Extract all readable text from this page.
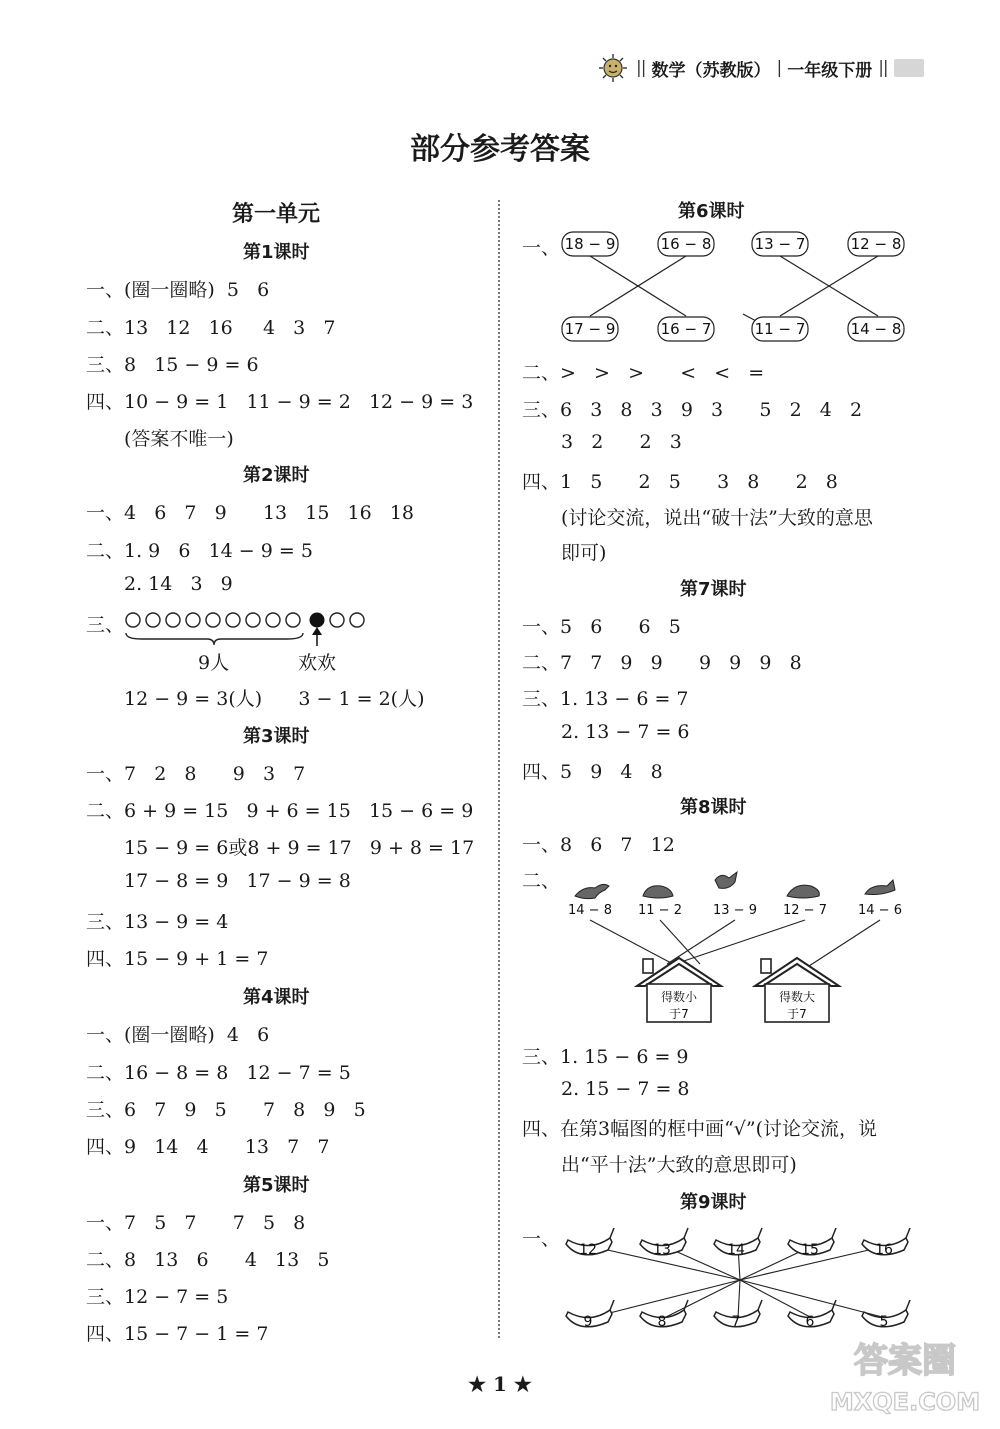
|| 数学（苏教版） | 一年级下册 ||
部分参考答案
第一单元
第1课时
一、(圈一圈略)  5   6
二、13   12   16     4   3   7
三、8   15 − 9 = 6
四、10 − 9 = 1   11 − 9 = 2   12 − 9 = 3
(答案不唯一)
第2课时
一、4   6   7   9      13   15   16   18
二、1. 9   6   14 − 9 = 5
2. 14   3   9
三、
9人	欢欢
12 − 9 = 3(人)      3 − 1 = 2(人)
第3课时
一、7   2   8      9   3   7
二、6 + 9 = 15   9 + 6 = 15   15 − 6 = 9
15 − 9 = 6或8 + 9 = 17   9 + 8 = 17
17 − 8 = 9   17 − 9 = 8
三、13 − 9 = 4
四、15 − 9 + 1 = 7
第4课时
一、(圈一圈略)  4   6
二、16 − 8 = 8   12 − 7 = 5
三、6   7   9   5      7   8   9   5
四、9   14   4      13   7   7
第5课时
一、7   5   7      7   5   8
二、8   13   6      4   13   5
三、12 − 7 = 5
四、15 − 7 − 1 = 7
第6课时
一、 18 − 9	16 − 8	13 − 7	12 − 8
17 − 9	16 − 7	11 − 7	14 − 8
二、>   >   >      <   <   =
三、6   3   8   3   9   3      5   2   4   2
3   2      2   3
四、1   5      2   5      3   8      2   8
(讨论交流，说出“破十法”大致的意思
即可)
第7课时
一、5   6      6   5
二、7   7   9   9      9   9   9   8
三、1. 13 − 6 = 7
2. 13 − 7 = 6
四、5   9   4   8
第8课时
一、8   6   7   12
二、
14 − 8 11 − 2 13 − 9 12 − 7 14 − 6
得数小
于7
得数大
于7
三、1. 15 − 6 = 9
2. 15 − 7 = 8
四、在第3幅图的框中画“√”(讨论交流，说
出“平十法”大致的意思即可)
第9课时
一、 12	13	14	15	16
9	8	7	6	5
★ 1 ★
答案圈
MXQE.COM
